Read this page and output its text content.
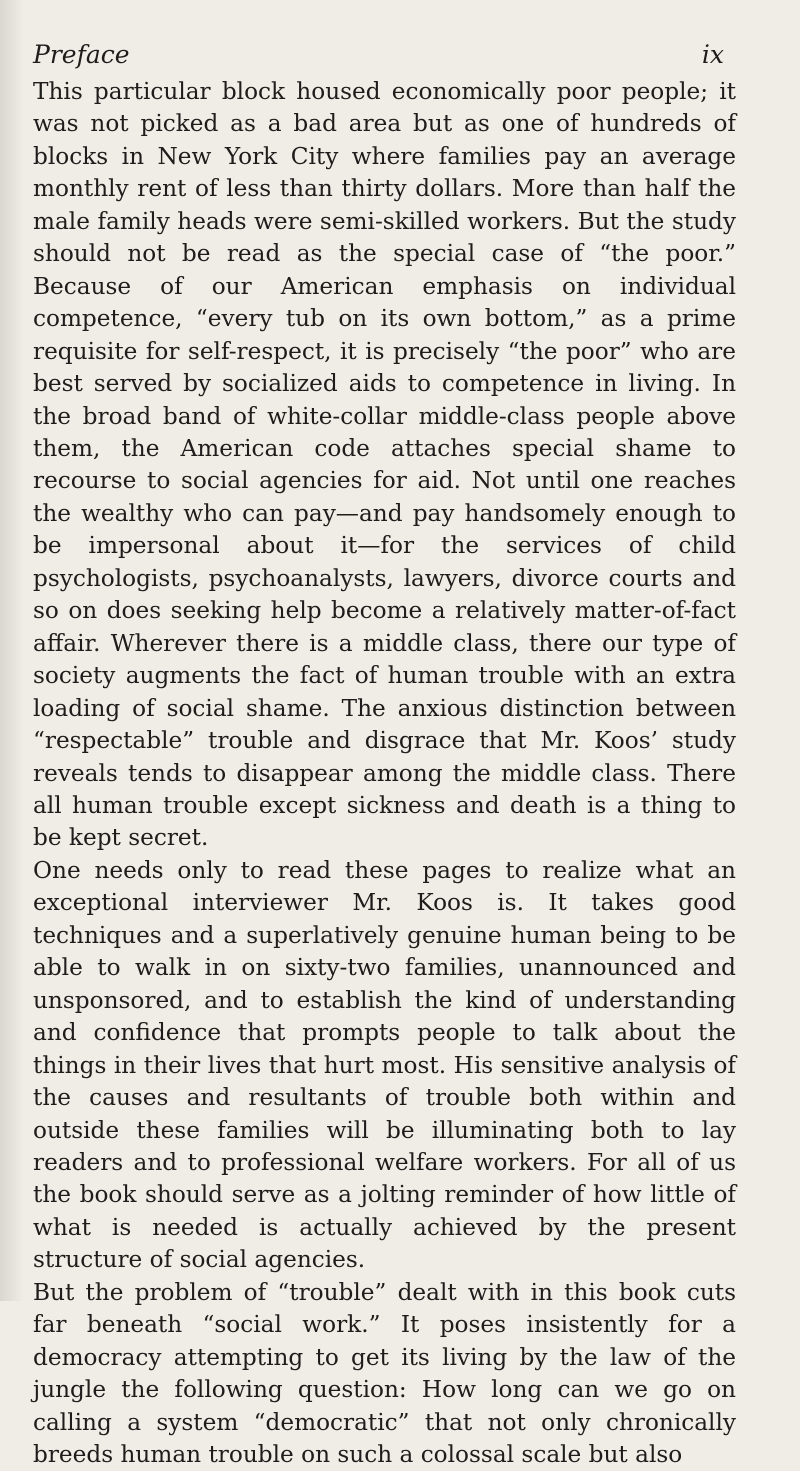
Preface	ix

This particular block housed economically poor people; it was not picked as a bad area but as one of hundreds of blocks in New York City where families pay an average monthly rent of less than thirty dollars. More than half the male family heads were semi-skilled workers. But the study should not be read as the special case of “the poor.” Because of our American emphasis on individual competence, “every tub on its own bottom,” as a prime requisite for self-respect, it is precisely “the poor” who are best served by socialized aids to competence in living. In the broad band of white-collar middle-class people above them, the American code attaches special shame to recourse to social agencies for aid. Not until one reaches the wealthy who can pay—and pay handsomely enough to be impersonal about it—for the services of child psychologists, psychoanalysts, lawyers, divorce courts and so on does seeking help become a relatively matter-of-fact affair. Wherever there is a middle class, there our type of society augments the fact of human trouble with an extra loading of social shame. The anxious distinction between “respectable” trouble and disgrace that Mr. Koos’ study reveals tends to disappear among the middle class. There all human trouble except sickness and death is a thing to be kept secret.

One needs only to read these pages to realize what an exceptional interviewer Mr. Koos is. It takes good techniques and a superlatively genuine human being to be able to walk in on sixty-two families, unannounced and unsponsored, and to establish the kind of understanding and confidence that prompts people to talk about the things in their lives that hurt most. His sensitive analysis of the causes and resultants of trouble both within and outside these families will be illuminating both to lay readers and to professional welfare workers. For all of us the book should serve as a jolting reminder of how little of what is needed is actually achieved by the present structure of social agencies.

But the problem of “trouble” dealt with in this book cuts far beneath “social work.” It poses insistently for a democracy attempting to get its living by the law of the jungle the following question: How long can we go on calling a system “democratic” that not only chronically breeds human trouble on such a colossal scale but also
